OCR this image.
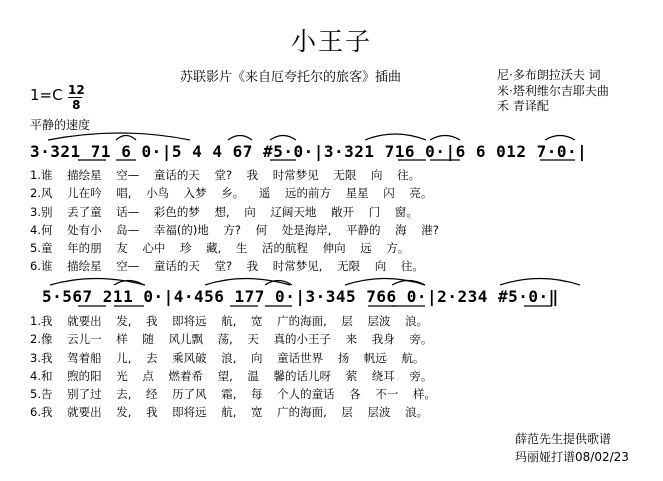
小王子
苏联影片《来自厄夸托尔的旅客》插曲	尼·多布朗拉沃夫 词
米·塔利维尔吉耶夫曲
禾 青译配
1=C 12
8
平静的速度
3·321 71 6 0·|5 4 4 67 #5·0·|3·321 716 0·|6 6 012 7·0·|
1.谁    描绘星    空—    童话的天    堂?    我    时常梦见    无限    向    往。
2.风    儿在吟    唱,    小鸟    入梦    乡。    遥    远的前方    星星    闪    亮。
3.别    丢了童    话—    彩色的梦    想,    向    辽阔天地    敞开    门    窗。
4.何    处有小    岛—    幸福(的)地    方?    何    处是海岸,    平静的    海    港?
5.童    年的朋    友    心中    珍    藏,    生    活的航程    伸向    远    方。
6.谁    描绘星    空—    童话的天    堂?    我    时常梦见,    无限    向    往。
5·567 211 0·|4·456 177 0·|3·345 766 0·|2·234 #5·0·‖
1.我    就要出    发,    我    即将远    航,    宽    广的海面,    层    层波    浪。
2.像    云儿一    样    随    风儿飘    荡,    天    真的小王子    来    我身    旁。
3.我    驾着船    儿,    去    乘风破    浪,    向    童话世界    扬    帆远    航。
4.和    煦的阳    光    点    燃着希    望,    温    馨的话儿呀    萦    绕耳    旁。
5.告    别了过    去,    经    历了风    霜,    每    个人的童话    各    不一    样。
6.我    就要出    发,    我    即将远    航,    宽    广的海面,    层    层波    浪。
薛范先生提供歌谱
玛丽娅打谱08/02/23
